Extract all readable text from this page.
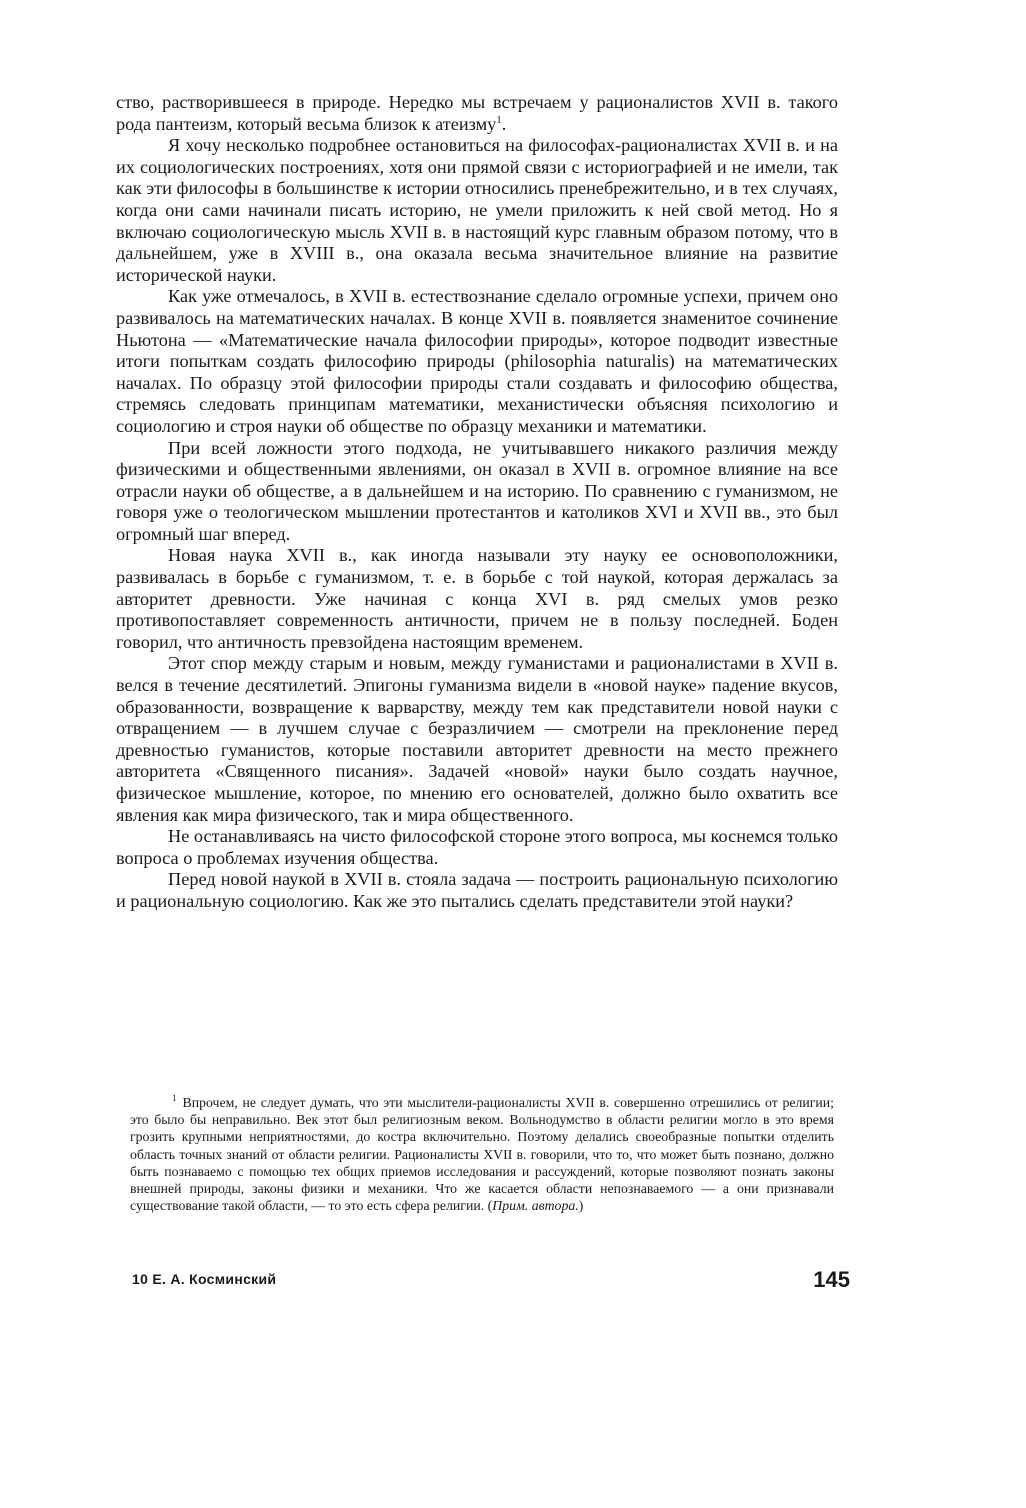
ство, растворившееся в природе. Нередко мы встречаем у рационалистов XVII в. такого рода пантеизм, который весьма близок к атеизму$^1$.

Я хочу несколько подробнее остановиться на философах-рационалистах XVII в. и на их социологических построениях, хотя они прямой связи с историографией и не имели, так как эти философы в большинстве к истории относились пренебрежительно, и в тех случаях, когда они сами начинали писать историю, не умели приложить к ней свой метод. Но я включаю социологическую мысль XVII в. в настоящий курс главным образом потому, что в дальнейшем, уже в XVIII в., она оказала весьма значительное влияние на развитие исторической науки.

Как уже отмечалось, в XVII в. естествознание сделало огромные успехи, причем оно развивалось на математических началах. В конце XVII в. появляется знаменитое сочинение Ньютона — «Математические начала философии природы», которое подводит известные итоги попыткам создать философию природы (philosophia naturalis) на математических началах. По образцу этой философии природы стали создавать и философию общества, стремясь следовать принципам математики, механистически объясняя психологию и социологию и строя науки об обществе по образцу механики и математики.

При всей ложности этого подхода, не учитывавшего никакого различия между физическими и общественными явлениями, он оказал в XVII в. огромное влияние на все отрасли науки об обществе, а в дальнейшем и на историю. По сравнению с гуманизмом, не говоря уже о теологическом мышлении протестантов и католиков XVI и XVII вв., это был огромный шаг вперед.

Новая наука XVII в., как иногда называли эту науку ее основоположники, развивалась в борьбе с гуманизмом, т. е. в борьбе с той наукой, которая держалась за авторитет древности. Уже начиная с конца XVI в. ряд смелых умов резко противопоставляет современность античности, причем не в пользу последней. Боден говорил, что античность превзойдена настоящим временем.

Этот спор между старым и новым, между гуманистами и рационалистами в XVII в. велся в течение десятилетий. Эпигоны гуманизма видели в «новой науке» падение вкусов, образованности, возвращение к варварству, между тем как представители новой науки с отвращением — в лучшем случае с безразличием — смотрели на преклонение перед древностью гуманистов, которые поставили авторитет древности на место прежнего авторитета «Священного писания». Задачей «новой» науки было создать научное, физическое мышление, которое, по мнению его основателей, должно было охватить все явления как мира физического, так и мира общественного.

Не останавливаясь на чисто философской стороне этого вопроса, мы коснемся только вопроса о проблемах изучения общества.

Перед новой наукой в XVII в. стояла задача — построить рациональную психологию и рациональную социологию. Как же это пытались сделать представители этой науки?

$^1$ Впрочем, не следует думать, что эти мыслители-рационалисты XVII в. совершенно отрешились от религии; это было бы неправильно. Век этот был религиозным веком. Вольнодумство в области религии могло в это время грозить крупными неприятностями, до костра включительно. Поэтому делались своеобразные попытки отделить область точных знаний от области религии. Рационалисты XVII в. говорили, что то, что может быть познано, должно быть познаваемо с помощью тех общих приемов исследования и рассуждений, которые позволяют познать законы внешней природы, законы физики и механики. Что же касается области непознаваемого — а они признавали существование такой области, — то это есть сфера религии. (Прим. автора.)

10 Е. А. Косминский	145
